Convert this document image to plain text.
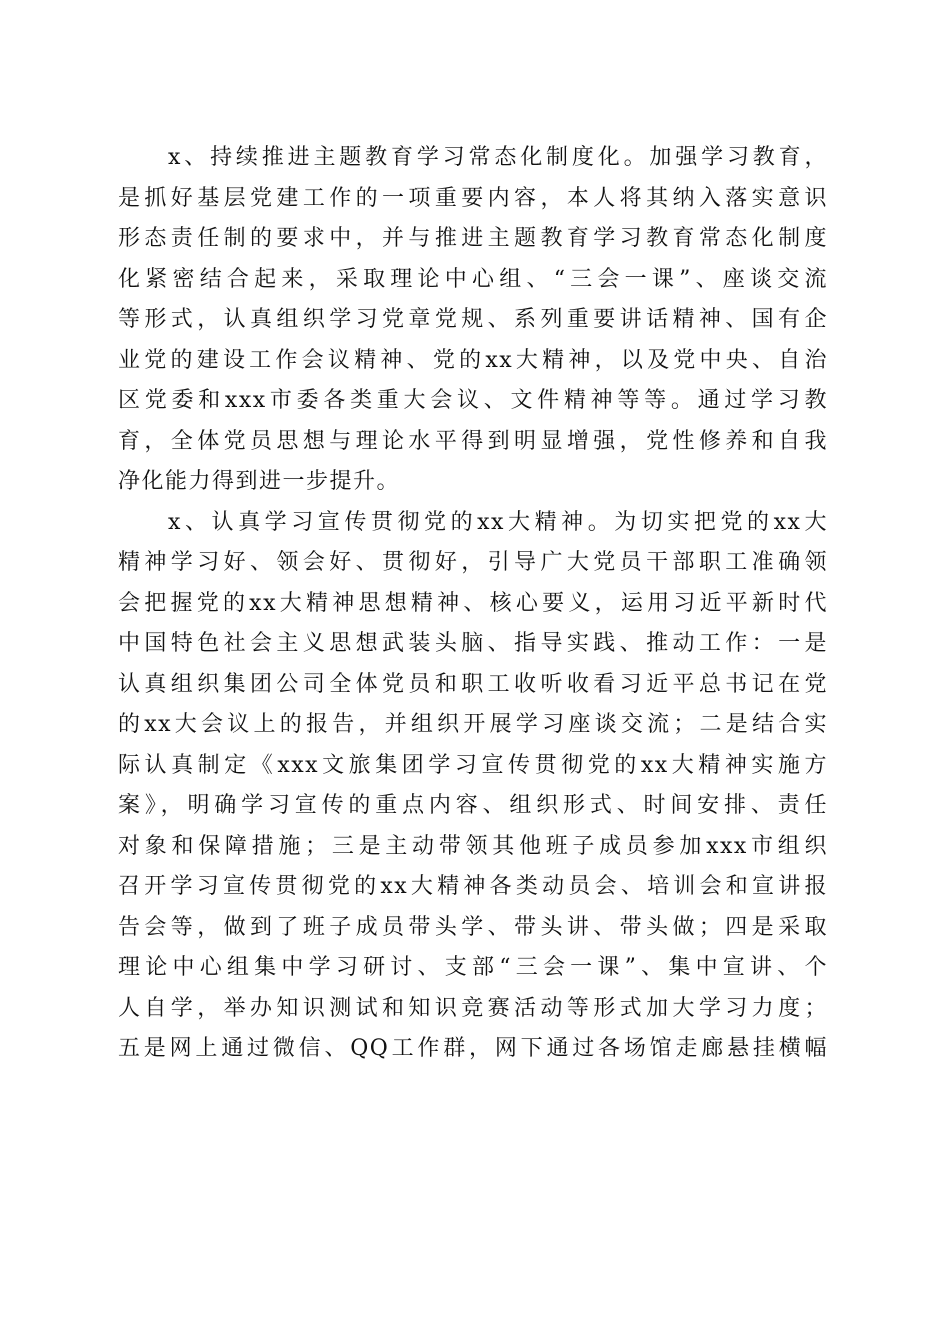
x、持续推进主题教育学习常态化制度化。加强学习教育，
是抓好基层党建工作的一项重要内容，本人将其纳入落实意识
形态责任制的要求中，并与推进主题教育学习教育常态化制度
化紧密结合起来，采取理论中心组、“三会一课”、座谈交流
等形式，认真组织学习党章党规、系列重要讲话精神、国有企
业党的建设工作会议精神、党的xx大精神，以及党中央、自治
区党委和xxx市委各类重大会议、文件精神等等。通过学习教
育，全体党员思想与理论水平得到明显增强，党性修养和自我
净化能力得到进一步提升。
x、认真学习宣传贯彻党的xx大精神。为切实把党的xx大
精神学习好、领会好、贯彻好，引导广大党员干部职工准确领
会把握党的xx大精神思想精神、核心要义，运用习近平新时代
中国特色社会主义思想武装头脑、指导实践、推动工作：一是
认真组织集团公司全体党员和职工收听收看习近平总书记在党
的xx大会议上的报告，并组织开展学习座谈交流；二是结合实
际认真制定《xxx文旅集团学习宣传贯彻党的xx大精神实施方
案》，明确学习宣传的重点内容、组织形式、时间安排、责任
对象和保障措施；三是主动带领其他班子成员参加xxx市组织
召开学习宣传贯彻党的xx大精神各类动员会、培训会和宣讲报
告会等，做到了班子成员带头学、带头讲、带头做；四是采取
理论中心组集中学习研讨、支部“三会一课”、集中宣讲、个
人自学，举办知识测试和知识竞赛活动等形式加大学习力度；
五是网上通过微信、QQ工作群，网下通过各场馆走廊悬挂横幅
